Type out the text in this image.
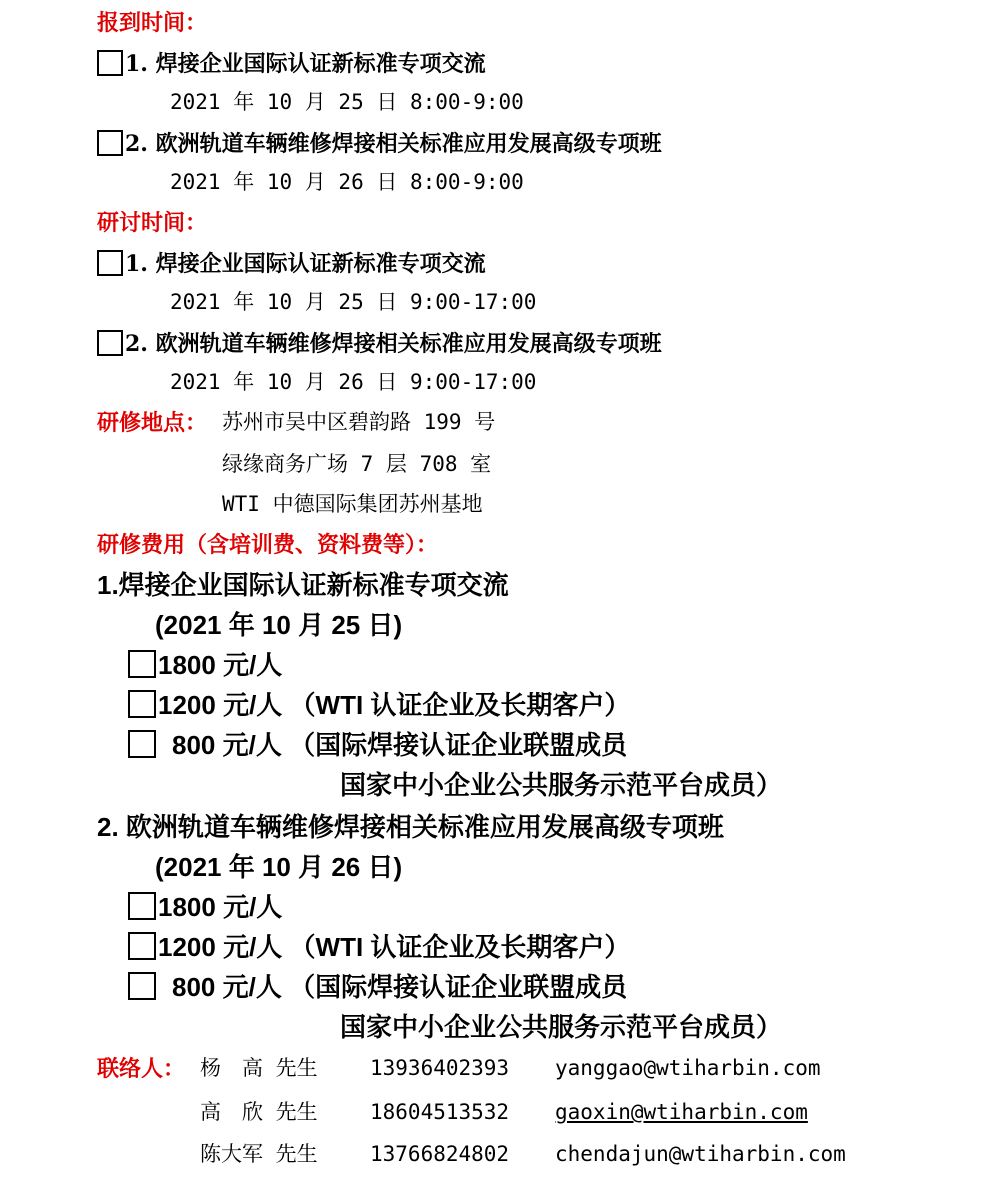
报到时间：
1. 焊接企业国际认证新标准专项交流
2021 年 10 月 25 日 8:00-9:00
2. 欧洲轨道车辆维修焊接相关标准应用发展高级专项班
2021 年 10 月 26 日 8:00-9:00
研讨时间：
1. 焊接企业国际认证新标准专项交流
2021 年 10 月 25 日 9:00-17:00
2. 欧洲轨道车辆维修焊接相关标准应用发展高级专项班
2021 年 10 月 26 日 9:00-17:00
研修地点： 苏州市吴中区碧韵路 199 号
绿缘商务广场 7 层 708 室
WTI 中德国际集团苏州基地
研修费用（含培训费、资料费等）：
1.焊接企业国际认证新标准专项交流
(2021 年 10 月 25 日)
1800 元/人
1200 元/人 （WTI 认证企业及长期客户）
800 元/人 （国际焊接认证企业联盟成员
国家中小企业公共服务示范平台成员）
2. 欧洲轨道车辆维修焊接相关标准应用发展高级专项班
(2021 年 10 月 26 日)
1800 元/人
1200 元/人 （WTI 认证企业及长期客户）
800 元/人 （国际焊接认证企业联盟成员
国家中小企业公共服务示范平台成员）
联络人： 杨　高 先生 13936402393 yanggao@wtiharbin.com
高　欣 先生 18604513532 gaoxin@wtiharbin.com
陈大军 先生 13766824802 chendajun@wtiharbin.com
